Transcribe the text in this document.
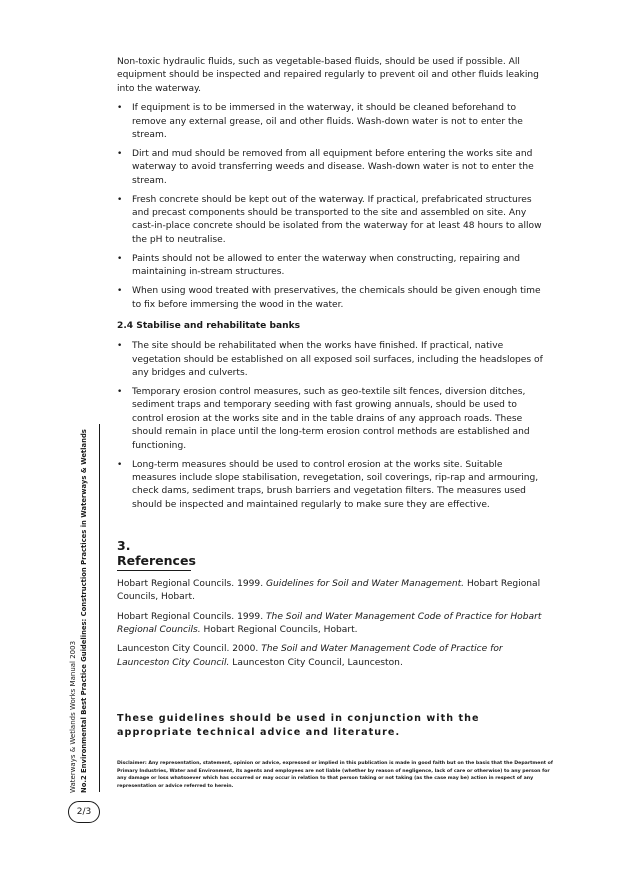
Non-toxic hydraulic fluids, such as vegetable-based fluids, should be used if possible. All equipment should be inspected and repaired regularly to prevent oil and other fluids leaking into the waterway.

• If equipment is to be immersed in the waterway, it should be cleaned beforehand to remove any external grease, oil and other fluids. Wash-down water is not to enter the stream.
• Dirt and mud should be removed from all equipment before entering the works site and waterway to avoid transferring weeds and disease. Wash-down water is not to enter the stream.
• Fresh concrete should be kept out of the waterway. If practical, prefabricated structures and precast components should be transported to the site and assembled on site. Any cast-in-place concrete should be isolated from the waterway for at least 48 hours to allow the pH to neutralise.
• Paints should not be allowed to enter the waterway when constructing, repairing and maintaining in-stream structures.
• When using wood treated with preservatives, the chemicals should be given enough time to fix before immersing the wood in the water.
2.4 Stabilise and rehabilitate banks
• The site should be rehabilitated when the works have finished. If practical, native vegetation should be established on all exposed soil surfaces, including the headslopes of any bridges and culverts.
• Temporary erosion control measures, such as geo-textile silt fences, diversion ditches, sediment traps and temporary seeding with fast growing annuals, should be used to control erosion at the works site and in the table drains of any approach roads. These should remain in place until the long-term erosion control methods are established and functioning.
• Long-term measures should be used to control erosion at the works site. Suitable measures include slope stabilisation, revegetation, soil coverings, rip-rap and armouring, check dams, sediment traps, brush barriers and vegetation filters. The measures used should be inspected and maintained regularly to make sure they are effective.
3. References

Hobart Regional Councils. 1999. Guidelines for Soil and Water Management. Hobart Regional Councils, Hobart.

Hobart Regional Councils. 1999. The Soil and Water Management Code of Practice for Hobart Regional Councils. Hobart Regional Councils, Hobart.

Launceston City Council. 2000. The Soil and Water Management Code of Practice for Launceston City Council. Launceston City Council, Launceston.

These guidelines should be used in conjunction with the appropriate technical advice and literature.
Disclaimer: Any representation, statement, opinion or advice, expressed or implied in this publication is made in good faith but on the basis that the Department of Primary Industries, Water and Environment, its agents and employees are not liable (whether by reason of negligence, lack of care or otherwise) to any person for any damage or loss whatsoever which has occurred or may occur in relation to that person taking or not taking (as the case may be) action in respect of any representation or advice referred to herein.
Waterways & Wetlands Works Manual 2003 No.2 Environmental Best Practice Guidelines: Construction Practices in Waterways & Wetlands
2/3
